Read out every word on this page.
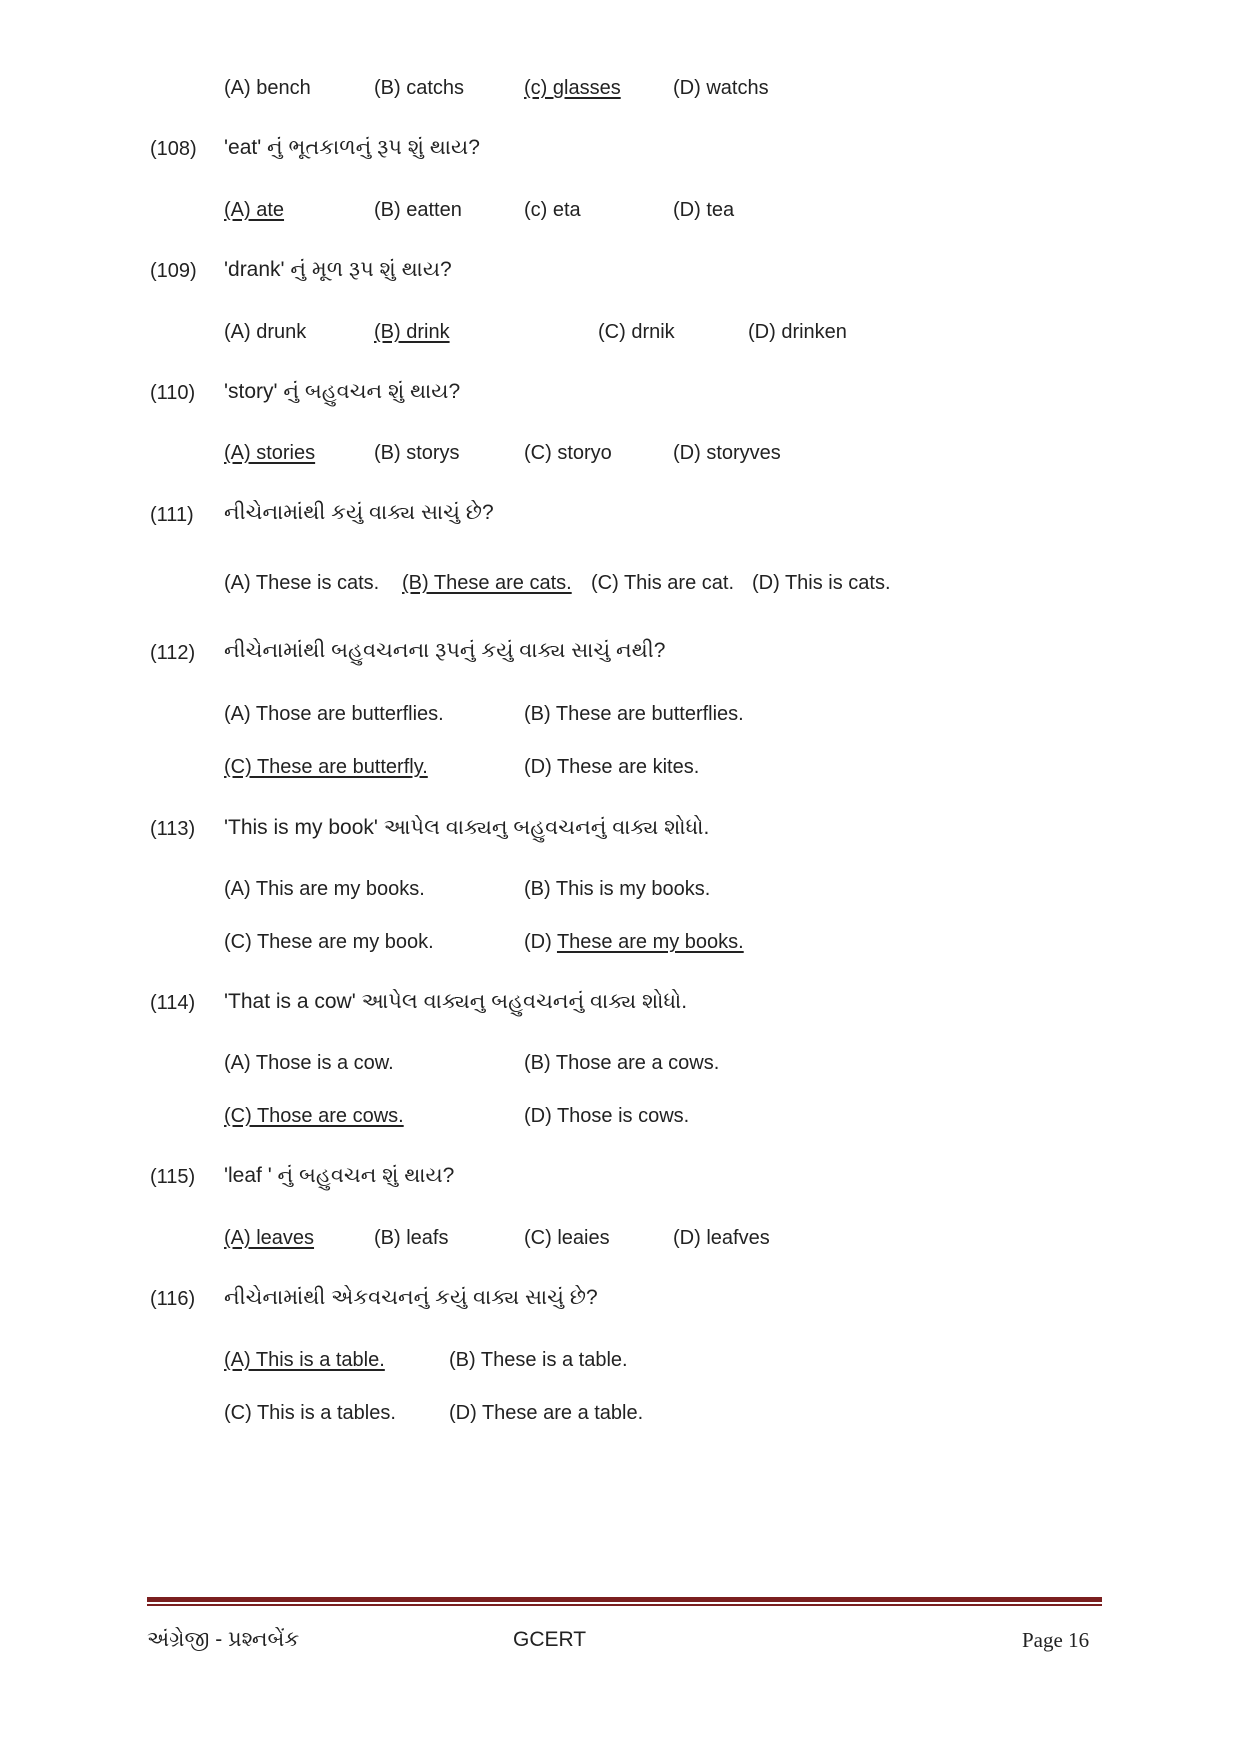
(A) bench	(B) catchs	(c) glasses	(D) watchs
(108) 'eat' નું ભૂતકાળનું રૂપ શું થાય?
(A) ate	(B) eatten	(c) eta	(D) tea
(109) 'drank' નું મૂળ રૂપ શું થાય?
(A) drunk	(B) drink	(C) drnik	(D) drinken
(110) 'story' નું બહુવચન શું થાય?
(A) stories	(B) storys	(C) storyo	(D) storyves
(111) નીચેનામાંથી કયું વાક્ય સાચું છે?
(A) These is cats. (B) These are cats. (C) This are cat. (D) This is cats.
(112) નીચેનામાંથી બહુવચનના રૂપનું કયું વાક્ય સાચું નથી?
(A) Those are butterflies.	(B) These are butterflies.
(C) These are butterfly.	(D) These are kites.
(113) 'This is my book' આપેલ વાક્યનુ બહુવચનનું વાક્ય શોધો.
(A) This are my books.	(B) This is my books.
(C) These are my book.	(D) These are my books.
(114) 'That is a cow' આપેલ વાક્યનુ બહુવચનનું વાક્ય શોધો.
(A) Those is a cow.	(B) Those are a cows.
(C) Those are cows.	(D) Those is cows.
(115) 'leaf ' નું બહુવચન શું થાય?
(A) leaves	(B) leafs	(C) leaies	(D) leafves
(116) નીચેનામાંથી એકવચનનું કયું વાક્ય સાચું છે?
(A) This is a table.	(B) These is a table.
(C) This is a tables.	(D) These are a table.
અંગ્રેજી - પ્રશ્નબેંક	GCERT	Page 16
